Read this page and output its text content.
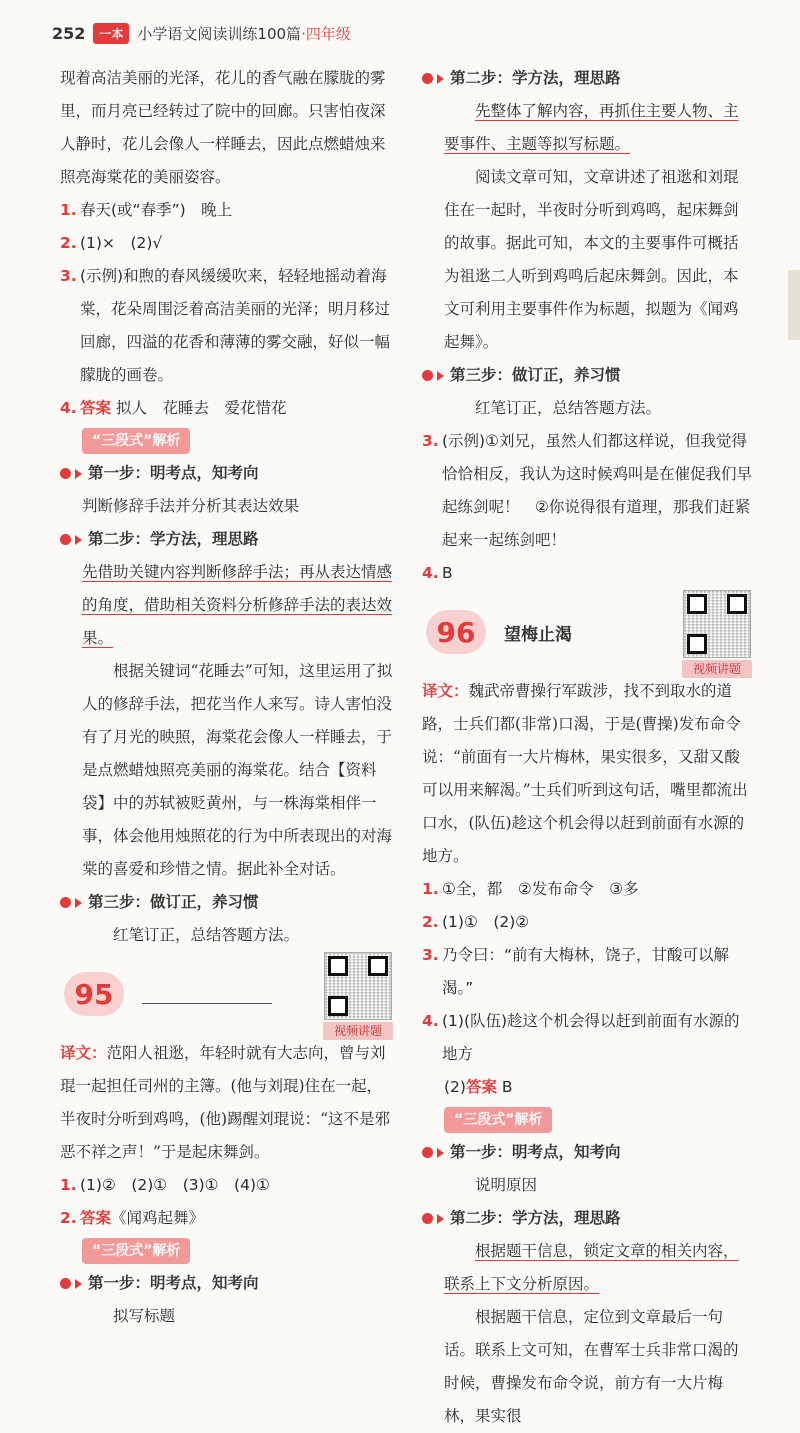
252	一本 小学语文阅读训练100篇 ·四年级

现着高洁美丽的光泽，花儿的香气融在朦胧的雾里，而月亮已经转过了院中的回廊。只害怕夜深人静时，花儿会像人一样睡去，因此点燃蜡烛来照亮海棠花的美丽姿容。

1. 春天(或“春季”)　晚上
2. (1)×　(2)√
3. (示例)和煦的春风缓缓吹来，轻轻地摇动着海棠，花朵周围泛着高洁美丽的光泽；明月移过回廊，四溢的花香和薄薄的雾交融，好似一幅朦胧的画卷。
4. 答案 拟人　花睡去　爱花惜花
“三段式”解析
第一步：明考点，知考向

判断修辞手法并分析其表达效果

第二步：学方法，理思路

先借助关键内容判断修辞手法；再从表达情感的角度，借助相关资料分析修辞手法的表达效果。

根据关键词“花睡去”可知，这里运用了拟人的修辞手法，把花当作人来写。诗人害怕没有了月光的映照，海棠花会像人一样睡去，于是点燃蜡烛照亮美丽的海棠花。结合【资料袋】中的苏轼被贬黄州，与一株海棠相伴一事，体会他用烛照花的行为中所表现出的对海棠的喜爱和珍惜之情。据此补全对话。

第三步：做订正，养习惯

红笔订正，总结答题方法。

95
视频讲题

译文：范阳人祖逖，年轻时就有大志向，曾与刘琨一起担任司州的主簿。(他与刘琨)住在一起，半夜时分听到鸡鸣，(他)踢醒刘琨说：“这不是邪恶不祥之声！”于是起床舞剑。

1. (1)②　(2)①　(3)①　(4)①
2. 答案《闻鸡起舞》
“三段式”解析
第一步：明考点，知考向

拟写标题

第二步：学方法，理思路

先整体了解内容，再抓住主要人物、主要事件、主题等拟写标题。

阅读文章可知，文章讲述了祖逖和刘琨住在一起时，半夜时分听到鸡鸣，起床舞剑的故事。据此可知，本文的主要事件可概括为祖逖二人听到鸡鸣后起床舞剑。因此，本文可利用主要事件作为标题，拟题为《闻鸡起舞》。

第三步：做订正，养习惯

红笔订正，总结答题方法。

3. (示例)①刘兄，虽然人们都这样说，但我觉得恰恰相反，我认为这时候鸡叫是在催促我们早起练剑呢！　②你说得很有道理，那我们赶紧起来一起练剑吧！
4. B
96	望梅止渴
视频讲题

译文：魏武帝曹操行军跋涉，找不到取水的道路，士兵们都(非常)口渴，于是(曹操)发布命令说：“前面有一大片梅林，果实很多，又甜又酸可以用来解渴。”士兵们听到这句话，嘴里都流出口水，(队伍)趁这个机会得以赶到前面有水源的地方。

1. ①全，都　②发布命令　③多
2. (1)①　(2)②
3. 乃令曰：“前有大梅林，饶子，甘酸可以解渴。”
4. (1)(队伍)趁这个机会得以赶到前面有水源的地方
(2)答案 B
“三段式”解析
第一步：明考点，知考向

说明原因

第二步：学方法，理思路

根据题干信息，锁定文章的相关内容，联系上下文分析原因。

根据题干信息，定位到文章最后一句话。联系上文可知，在曹军士兵非常口渴的时候，曹操发布命令说，前方有一大片梅林，果实很
